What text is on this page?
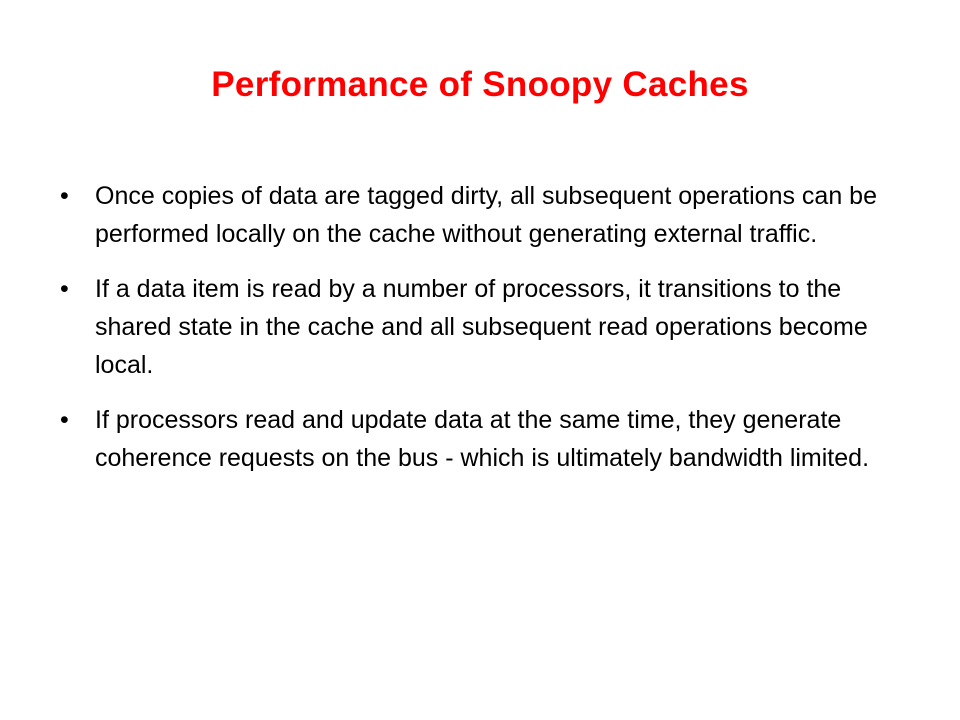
Performance of Snoopy Caches
•	Once copies of data are tagged dirty, all subsequent operations can be performed locally on the cache without generating external traffic.
•	If a data item is read by a number of processors, it transitions to the shared state in the cache and all subsequent read operations become local.
•	If processors read and update data at the same time, they generate coherence requests on the bus - which is ultimately bandwidth limited.
